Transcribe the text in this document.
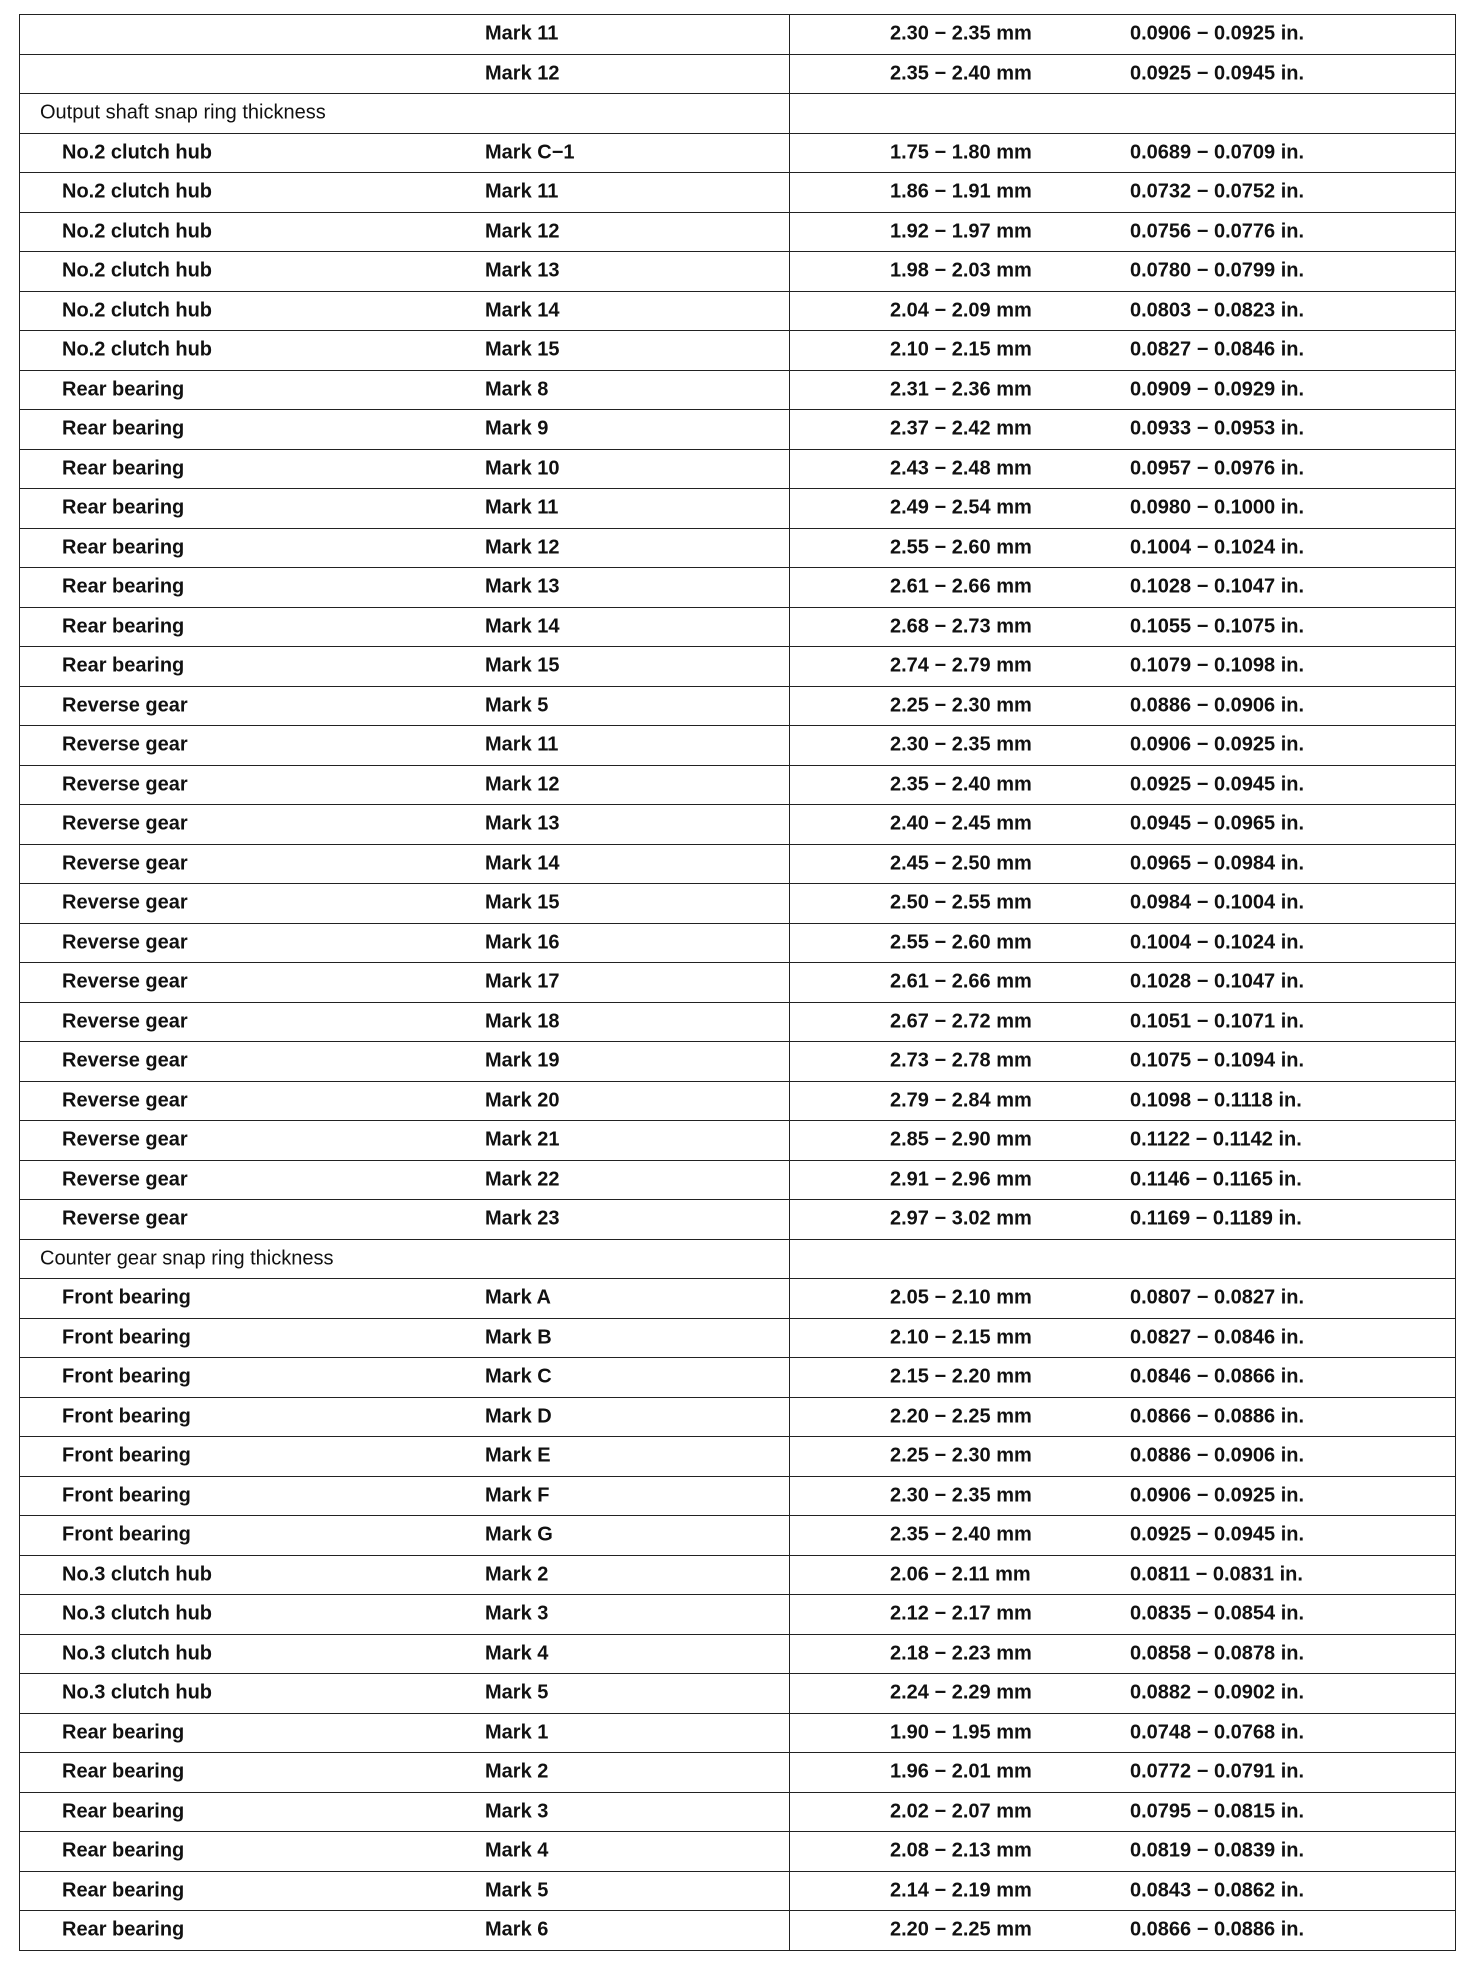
Mark 11	2.30 − 2.35 mm 0.0906 − 0.0925 in.

Mark 12	2.35 − 2.40 mm 0.0925 − 0.0945 in.

Output shaft snap ring thickness	

No.2 clutch hub Mark C−1	1.75 − 1.80 mm 0.0689 − 0.0709 in.

No.2 clutch hub Mark 11	1.86 − 1.91 mm 0.0732 − 0.0752 in.

No.2 clutch hub Mark 12	1.92 − 1.97 mm 0.0756 − 0.0776 in.

No.2 clutch hub Mark 13	1.98 − 2.03 mm 0.0780 − 0.0799 in.

No.2 clutch hub Mark 14	2.04 − 2.09 mm 0.0803 − 0.0823 in.

No.2 clutch hub Mark 15	2.10 − 2.15 mm 0.0827 − 0.0846 in.

Rear bearing Mark 8	2.31 − 2.36 mm 0.0909 − 0.0929 in.

Rear bearing Mark 9	2.37 − 2.42 mm 0.0933 − 0.0953 in.

Rear bearing Mark 10	2.43 − 2.48 mm 0.0957 − 0.0976 in.

Rear bearing Mark 11	2.49 − 2.54 mm 0.0980 − 0.1000 in.

Rear bearing Mark 12	2.55 − 2.60 mm 0.1004 − 0.1024 in.

Rear bearing Mark 13	2.61 − 2.66 mm 0.1028 − 0.1047 in.

Rear bearing Mark 14	2.68 − 2.73 mm 0.1055 − 0.1075 in.

Rear bearing Mark 15	2.74 − 2.79 mm 0.1079 − 0.1098 in.

Reverse gear Mark 5	2.25 − 2.30 mm 0.0886 − 0.0906 in.

Reverse gear Mark 11	2.30 − 2.35 mm 0.0906 − 0.0925 in.

Reverse gear Mark 12	2.35 − 2.40 mm 0.0925 − 0.0945 in.

Reverse gear Mark 13	2.40 − 2.45 mm 0.0945 − 0.0965 in.

Reverse gear Mark 14	2.45 − 2.50 mm 0.0965 − 0.0984 in.

Reverse gear Mark 15	2.50 − 2.55 mm 0.0984 − 0.1004 in.

Reverse gear Mark 16	2.55 − 2.60 mm 0.1004 − 0.1024 in.

Reverse gear Mark 17	2.61 − 2.66 mm 0.1028 − 0.1047 in.

Reverse gear Mark 18	2.67 − 2.72 mm 0.1051 − 0.1071 in.

Reverse gear Mark 19	2.73 − 2.78 mm 0.1075 − 0.1094 in.

Reverse gear Mark 20	2.79 − 2.84 mm 0.1098 − 0.1118 in.

Reverse gear Mark 21	2.85 − 2.90 mm 0.1122 − 0.1142 in.

Reverse gear Mark 22	2.91 − 2.96 mm 0.1146 − 0.1165 in.

Reverse gear Mark 23	2.97 − 3.02 mm 0.1169 − 0.1189 in.

Counter gear snap ring thickness	

Front bearing Mark A	2.05 − 2.10 mm 0.0807 − 0.0827 in.

Front bearing Mark B	2.10 − 2.15 mm 0.0827 − 0.0846 in.

Front bearing Mark C	2.15 − 2.20 mm 0.0846 − 0.0866 in.

Front bearing Mark D	2.20 − 2.25 mm 0.0866 − 0.0886 in.

Front bearing Mark E	2.25 − 2.30 mm 0.0886 − 0.0906 in.

Front bearing Mark F	2.30 − 2.35 mm 0.0906 − 0.0925 in.

Front bearing Mark G	2.35 − 2.40 mm 0.0925 − 0.0945 in.

No.3 clutch hub Mark 2	2.06 − 2.11 mm 0.0811 − 0.0831 in.

No.3 clutch hub Mark 3	2.12 − 2.17 mm 0.0835 − 0.0854 in.

No.3 clutch hub Mark 4	2.18 − 2.23 mm 0.0858 − 0.0878 in.

No.3 clutch hub Mark 5	2.24 − 2.29 mm 0.0882 − 0.0902 in.

Rear bearing Mark 1	1.90 − 1.95 mm 0.0748 − 0.0768 in.

Rear bearing Mark 2	1.96 − 2.01 mm 0.0772 − 0.0791 in.

Rear bearing Mark 3	2.02 − 2.07 mm 0.0795 − 0.0815 in.

Rear bearing Mark 4	2.08 − 2.13 mm 0.0819 − 0.0839 in.

Rear bearing Mark 5	2.14 − 2.19 mm 0.0843 − 0.0862 in.

Rear bearing Mark 6	2.20 − 2.25 mm 0.0866 − 0.0886 in.
